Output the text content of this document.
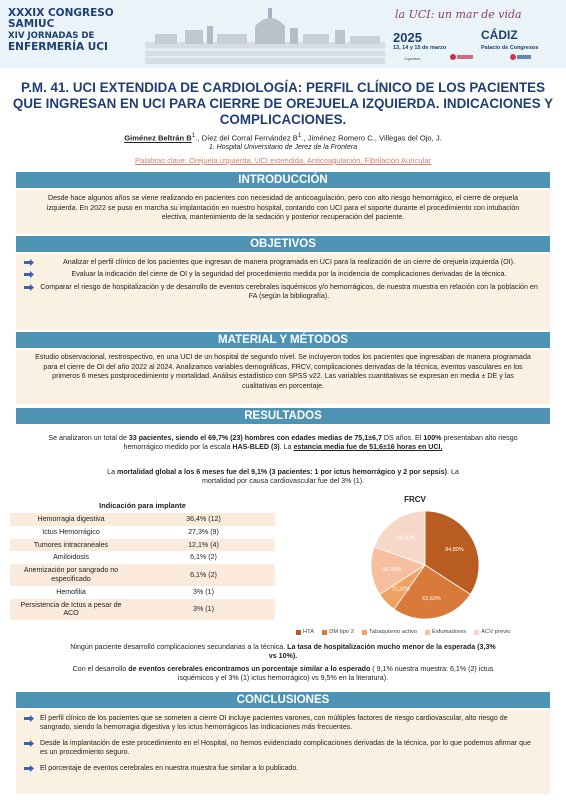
XXXIX CONGRESO
SAMIUC
XIV JORNADAS DE
ENFERMERÍA UCI
la UCI: un mar de vida
2025
13, 14 y 15 de marzo
CÁDIZ
Palacio de Congresos
Organizan:
P.M. 41. UCI EXTENDIDA DE CARDIOLOGÍA: PERFIL CLÍNICO DE LOS PACIENTES QUE INGRESAN EN UCI PARA CIERRE DE OREJUELA IZQUIERDA. INDICACIONES Y COMPLICACIONES.
Giménez Beltrán $B^1$., Díez del Corral Fernández $B^1$., Jiménez Romero C., Villegas del Ojo, J.
1. Hospital Universitario de Jerez de la Frontera
Palabras clave: Orejuela izquierda, UCI extendida, Anticoagulación, Fibrilación Auricular
INTRODUCCIÓN
Desde hace algunos años se viene realizando en pacientes con necesidad de anticoagulación, pero con alto riesgo hemorrágico, el cierre de orejuela izquierda. En 2022 se puso en marcha su implantación en nuestro hospital, contando con UCI para el soporte durante el procedimiento con intubación electiva, mantenimiento de la sedación y posterior recuperación del paciente.
OBJETIVOS
Analizar el perfil clínico de los pacientes que ingresan de manera programada en UCI para la realización de un cierre de orejuela izquierda (OI).
Evaluar la indicación del cierre de OI y la seguridad del procedimiento medida por la incidencia de complicaciones derivadas de la técnica.
Comparar el riesgo de hospitalización y de desarrollo de eventos cerebrales isquémicos y/o hemorrágicos, de nuestra muestra en relación con la población en FA (según la bibliografía).
MATERIAL Y MÉTODOS
Estudio observacional, restrospectivo, en una UCI de un hospital de segundo nivel. Se incluyeron todos los pacientes que ingresaban de manera programada para el cierre de OI del año 2022 al 2024. Analizamos variables demográficas, FRCV, complicaciones derivadas de la técnica, eventos vasculares en los primeros 6 meses postprocedimiento y mortalidad. Análisis estadístico con SPSS v22. Las variables cuantitativas se expresan en media ± DE y las cualitativas en porcentaje.
RESULTADOS
Se analizaron un total de 33 pacientes, siendo el 69,7% (23) hombres con edades medias de 75,1±6,7 DS años. El 100% presentaban alto riesgo hemorrágico medido por la escala HAS-BLED (3). La estancia media fue de 51,6±16 horas en UCI.
La mortalidad global a los 6 meses fue del 9,1% (3 pacientes: 1 por ictus hemorrágico y 2 por sepsis). La mortalidad por causa cardiovascular fue del 3% (1).
Indicación para implante	
Hemorragia digestiva	36,4% (12)
Ictus Hemorrágico	27,3% (9)
Tumores intracraneales	12,1% (4)
Amiloidosis	6,1% (2)
Anemización por sangrado no especificado	6,1% (2)
Hemofilia	3% (1)
Persistencia de Ictus a pesar de ACO	3% (1)
FRCV
84,80%
63,60%
15,20%
36,40%
48,50%
HTA	DM tipo 2	Tabaquismo activo	Exfumadores	ACV previo
Ningún paciente desarrolló complicaciones secundarias a la técnica. La tasa de hospitalización mucho menor de la esperada (3,3% vs 10%).
Con el desarrollo de eventos cerebrales encontramos un porcentaje similar a lo esperado ( 9,1% nuestra muestra: 6,1% (2) ictus isquémicos y el 3% (1) ictus hemorrágico) vs 9,5% en la literatura).
CONCLUSIONES
El perfil clínico de los pacientes que se someten a cierre OI incluye pacientes varones, con múltiples factores de riesgo cardiovascular, alto riesgo de sangrado, siendo la hemorragia digestiva y los ictus hemorrágicos las indicaciones más frecuentes.
Desde la implantación de este procedimiento en el Hospital, no hemos evidenciado complicaciones derivadas de la técnica, por lo que podemos afirmar que es un procedimiento seguro.
El porcentaje de eventos cerebrales en nuestra muestra fue similar a lo publicado.
